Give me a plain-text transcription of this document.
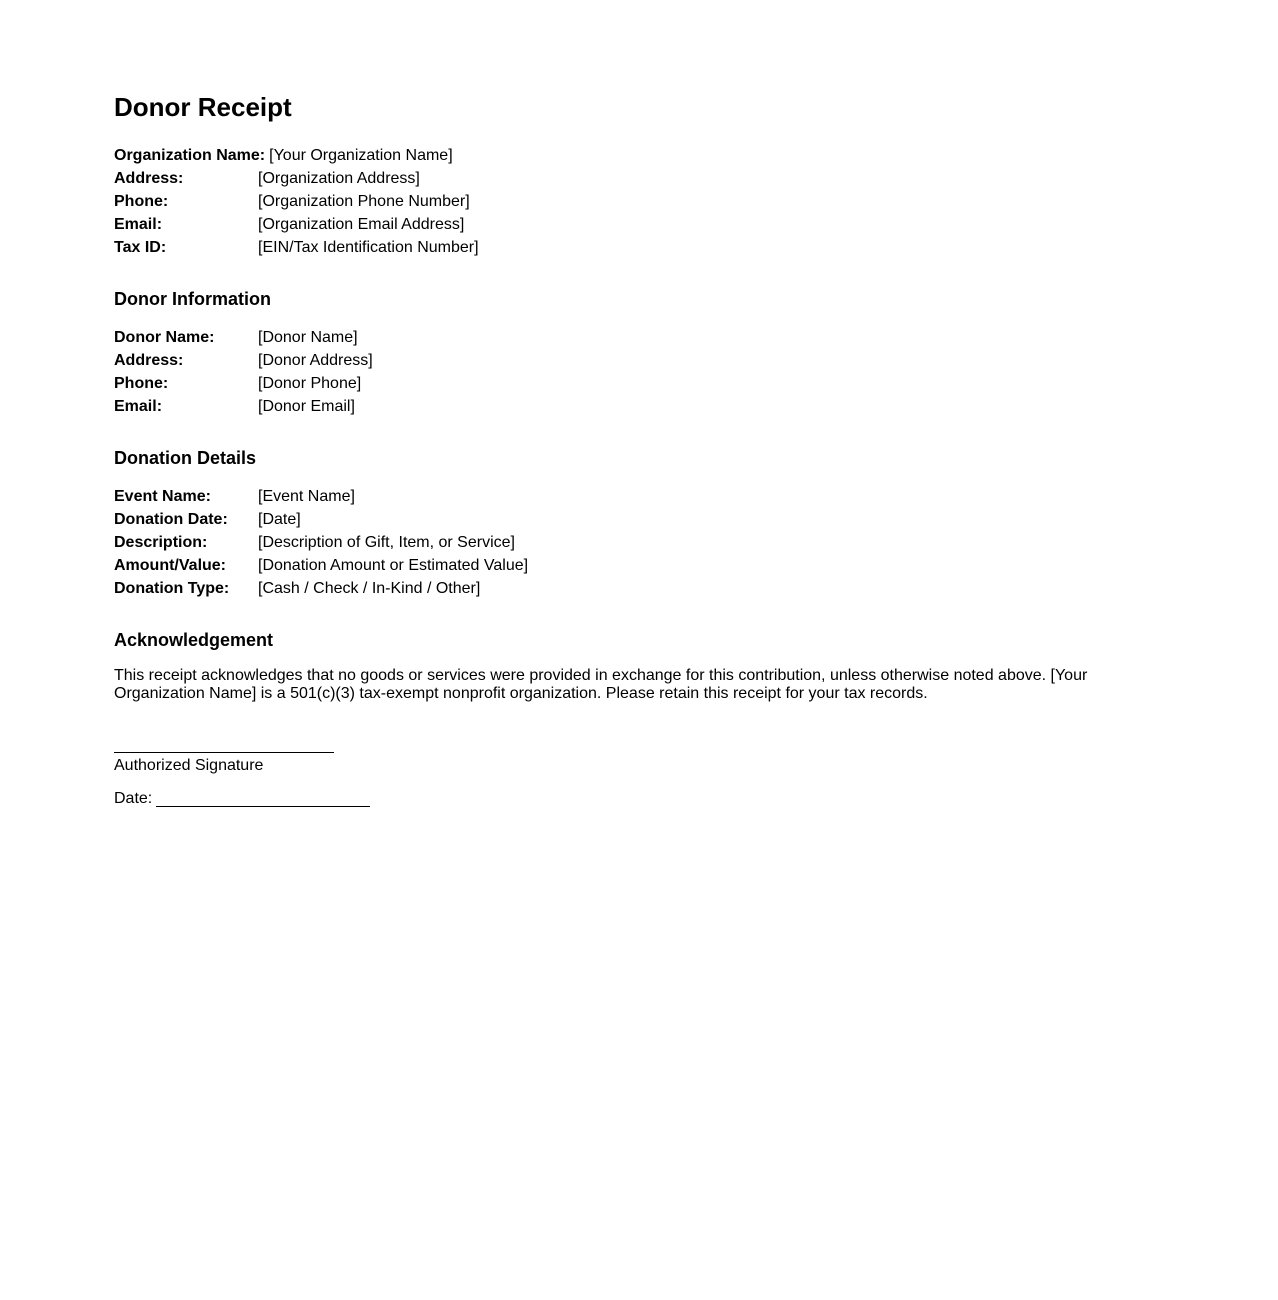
Donor Receipt
Organization Name: [Your Organization Name]
Address:	[Organization Address]
Phone:	[Organization Phone Number]
Email:	[Organization Email Address]
Tax ID:	[EIN/Tax Identification Number]
Donor Information
Donor Name:	[Donor Name]
Address:	[Donor Address]
Phone:	[Donor Phone]
Email:	[Donor Email]
Donation Details
Event Name:	[Event Name]
Donation Date:	[Date]
Description:	[Description of Gift, Item, or Service]
Amount/Value:	[Donation Amount or Estimated Value]
Donation Type:	[Cash / Check / In-Kind / Other]
Acknowledgement

This receipt acknowledges that no goods or services were provided in exchange for this contribution, unless otherwise noted above. [Your Organization Name] is a 501(c)(3) tax-exempt nonprofit organization. Please retain this receipt for your tax records.

Authorized Signature
Date:
